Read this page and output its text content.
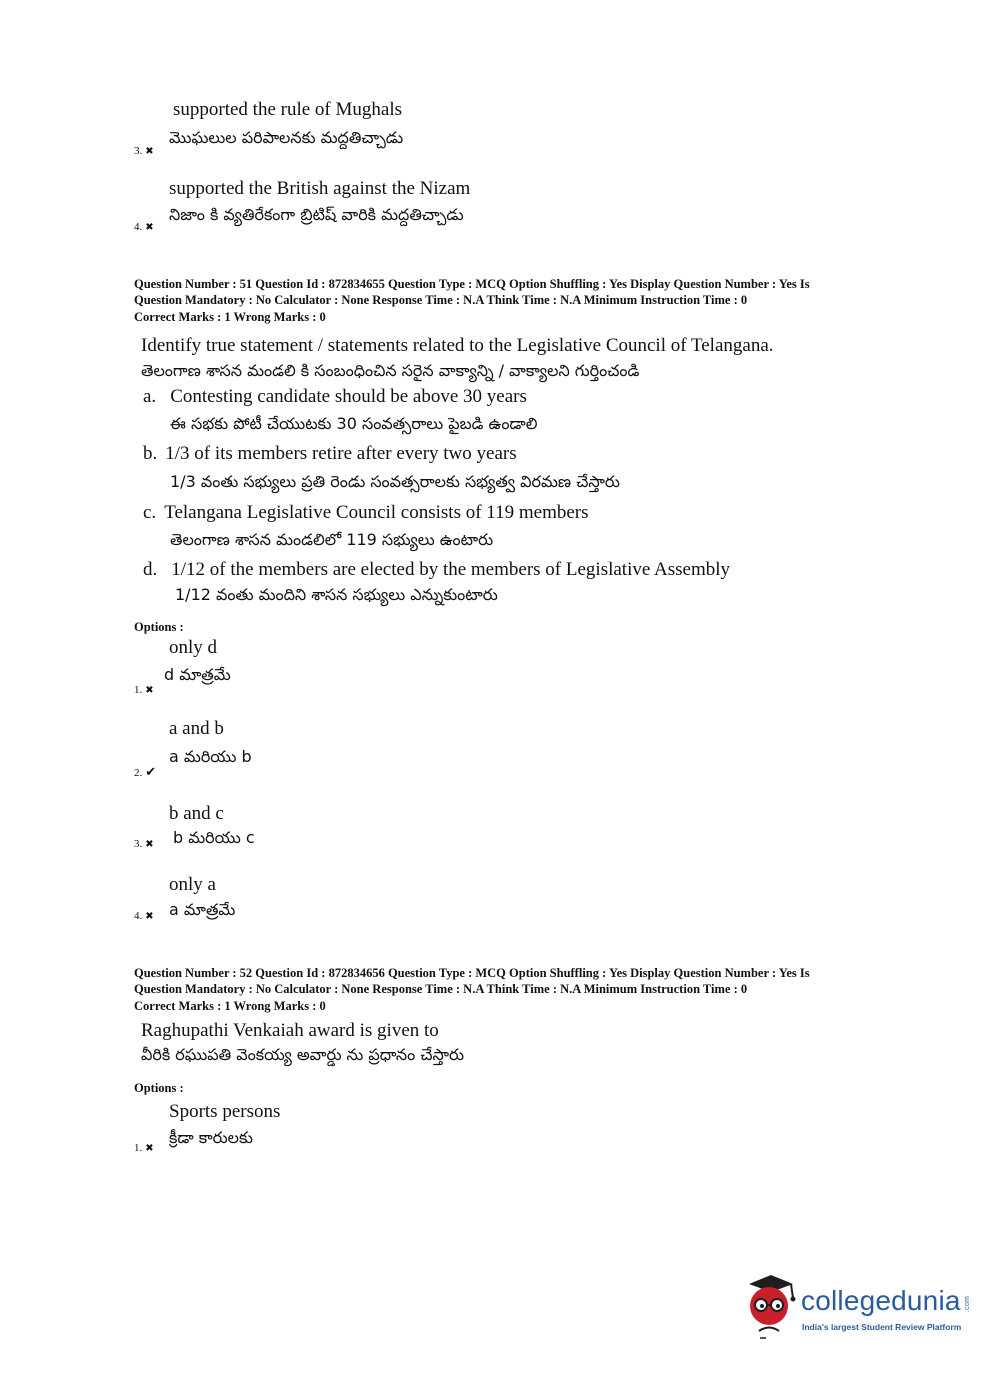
supported the rule of Mughals
మొఘలుల పరిపాలనకు మద్దతిచ్చాడు
3. ✖
supported the British against the Nizam
నిజాం కి వ్యతిరేకంగా బ్రిటిష్ వారికి మద్దతిచ్చాడు
4. ✖
Question Number : 51 Question Id : 872834655 Question Type : MCQ Option Shuffling : Yes Display Question Number : Yes Is
Question Mandatory : No Calculator : None Response Time : N.A Think Time : N.A Minimum Instruction Time : 0
Correct Marks : 1 Wrong Marks : 0
Identify true statement / statements related to the Legislative Council of Telangana.
తెలంగాణ శాసన మండలి కి సంబంధించిన సరైన వాక్యాన్ని / వాక్యాలని గుర్తించండి
a. Contesting candidate should be above 30 years
ఈ సభకు పోటీ చేయుటకు 30 సంవత్సరాలు పైబడి ఉండాలి
b. 1/3 of its members retire after every two years
1/3 వంతు సభ్యులు ప్రతి రెండు సంవత్సరాలకు సభ్యత్వ విరమణ చేస్తారు
c. Telangana Legislative Council consists of 119 members
తెలంగాణ శాసన మండలిలో 119 సభ్యులు ఉంటారు
d. 1/12 of the members are elected by the members of Legislative Assembly
1/12 వంతు మందిని శాసన సభ్యులు ఎన్నుకుంటారు
Options :
only d
d మాత్రమే
1. ✖
a and b
a మరియు b
2. ✔
b and c
b మరియు c
3. ✖
only a
a మాత్రమే
4. ✖
Question Number : 52 Question Id : 872834656 Question Type : MCQ Option Shuffling : Yes Display Question Number : Yes Is
Question Mandatory : No Calculator : None Response Time : N.A Think Time : N.A Minimum Instruction Time : 0
Correct Marks : 1 Wrong Marks : 0
Raghupathi Venkaiah award is given to
వీరికి రఘుపతి వెంకయ్య అవార్డు ను ప్రధానం చేస్తారు
Options :
Sports persons
క్రీడా కారులకు
1. ✖
collegedunia .com
India's largest Student Review Platform
